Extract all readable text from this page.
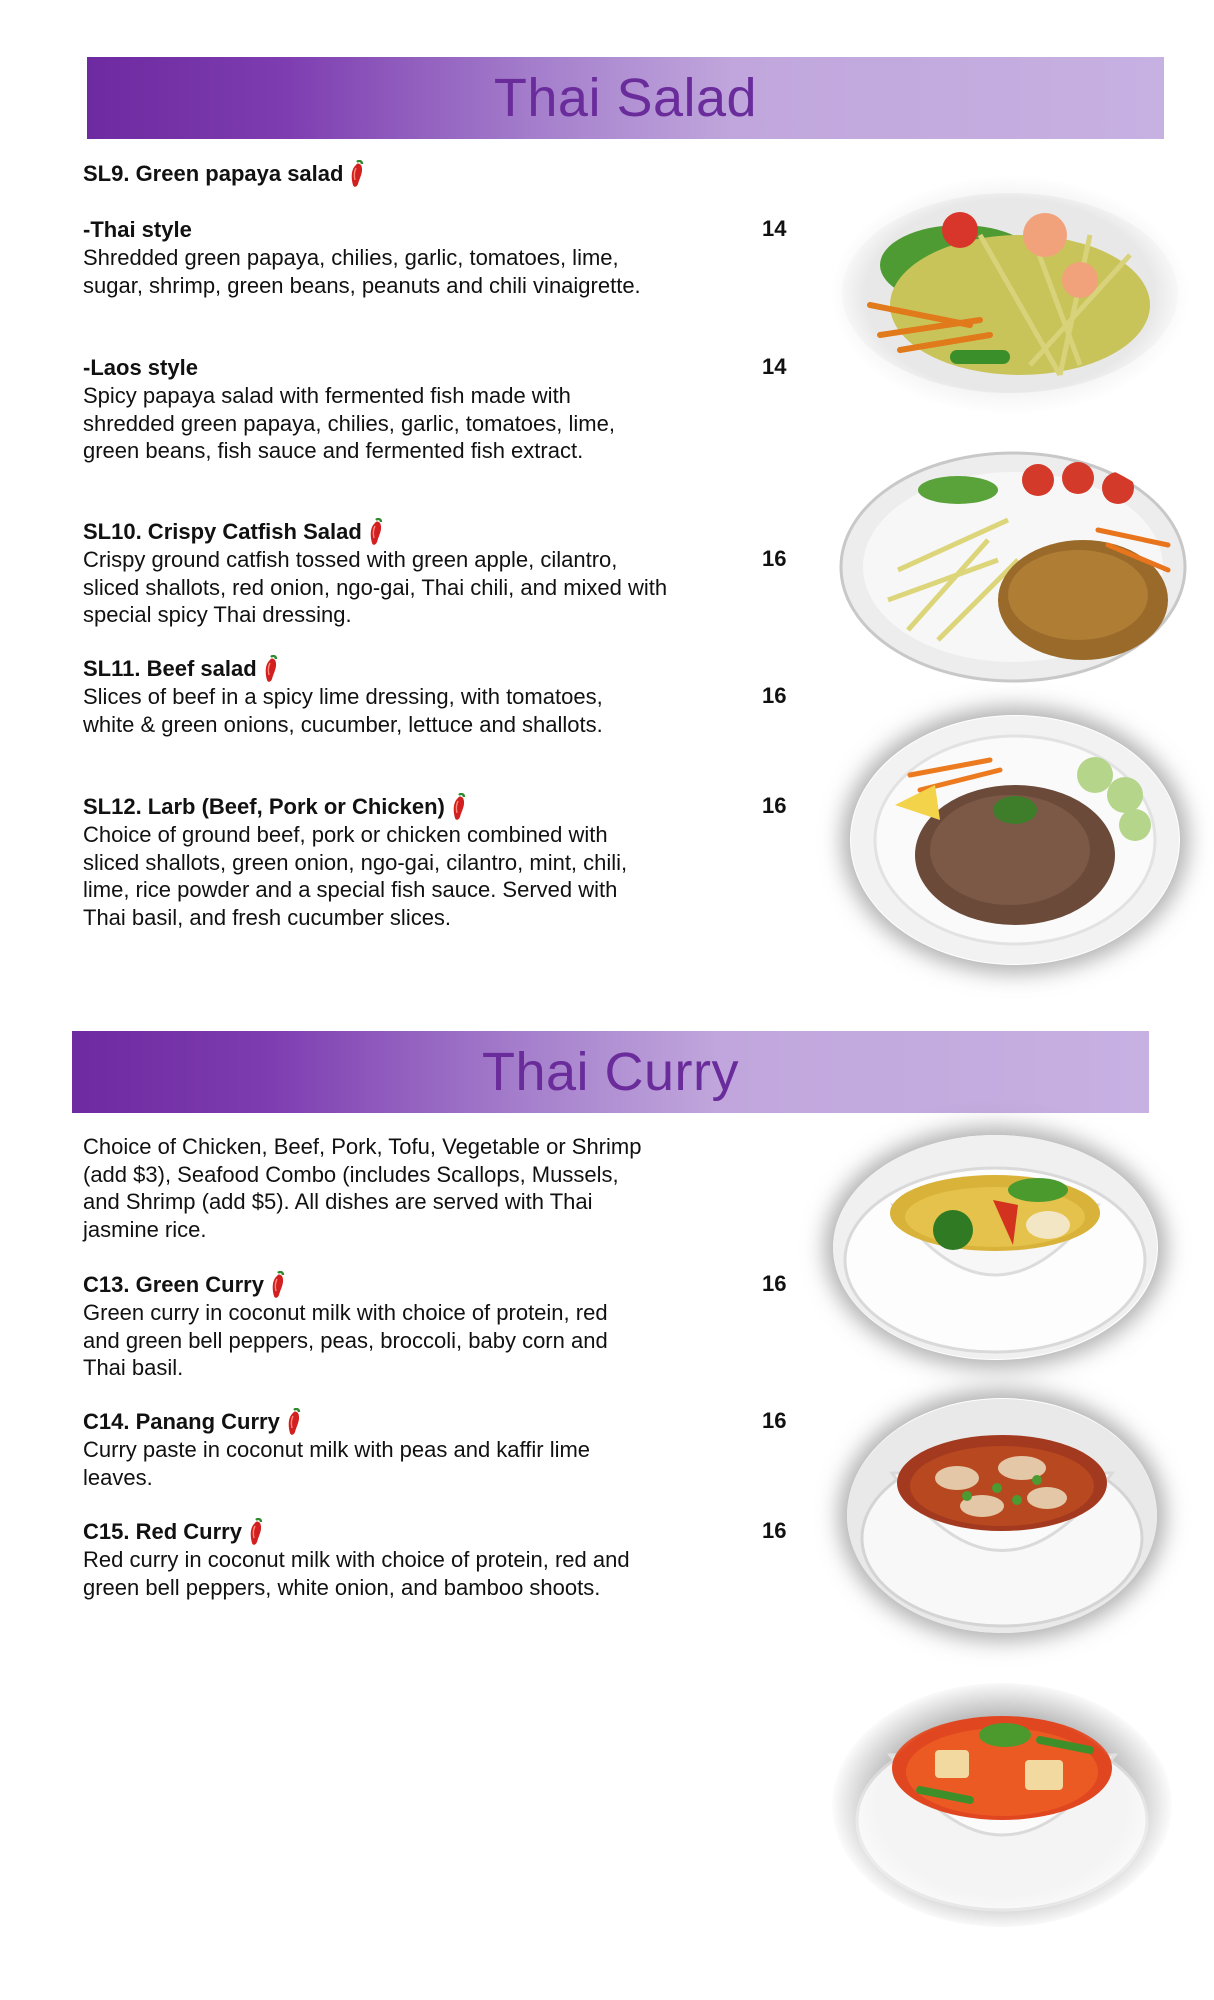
Thai Salad
SL9. Green papaya salad
-Thai style
Shredded green papaya, chilies, garlic, tomatoes, lime, sugar, shrimp, green beans, peanuts and chili vinaigrette.
14
-Laos style
Spicy papaya salad with fermented fish made with shredded green papaya, chilies, garlic, tomatoes, lime, green beans, fish sauce and fermented fish extract.
14
SL10. Crispy Catfish Salad
Crispy ground catfish tossed with green apple, cilantro, sliced shallots, red onion, ngo-gai, Thai chili, and mixed with special spicy Thai dressing.
16
SL11. Beef salad
Slices of beef in a spicy lime dressing, with tomatoes, white & green onions, cucumber, lettuce and shallots.
16
SL12. Larb (Beef, Pork or Chicken)
Choice of ground beef, pork or chicken combined with sliced shallots, green onion, ngo-gai, cilantro, mint, chili, lime, rice powder and a special fish sauce. Served with Thai basil, and fresh cucumber slices.
16
Thai Curry
Choice of Chicken, Beef, Pork, Tofu, Vegetable or Shrimp (add $3), Seafood Combo (includes Scallops, Mussels, and Shrimp (add $5). All dishes are served with Thai jasmine rice.
C13. Green Curry
Green curry in coconut milk with choice of protein, red and green bell peppers, peas, broccoli, baby corn and Thai basil.
16
C14. Panang Curry
Curry paste in coconut milk with peas and kaffir lime leaves.
16
C15. Red Curry
Red curry in coconut milk with choice of protein, red and green bell peppers, white onion, and bamboo shoots.
16
